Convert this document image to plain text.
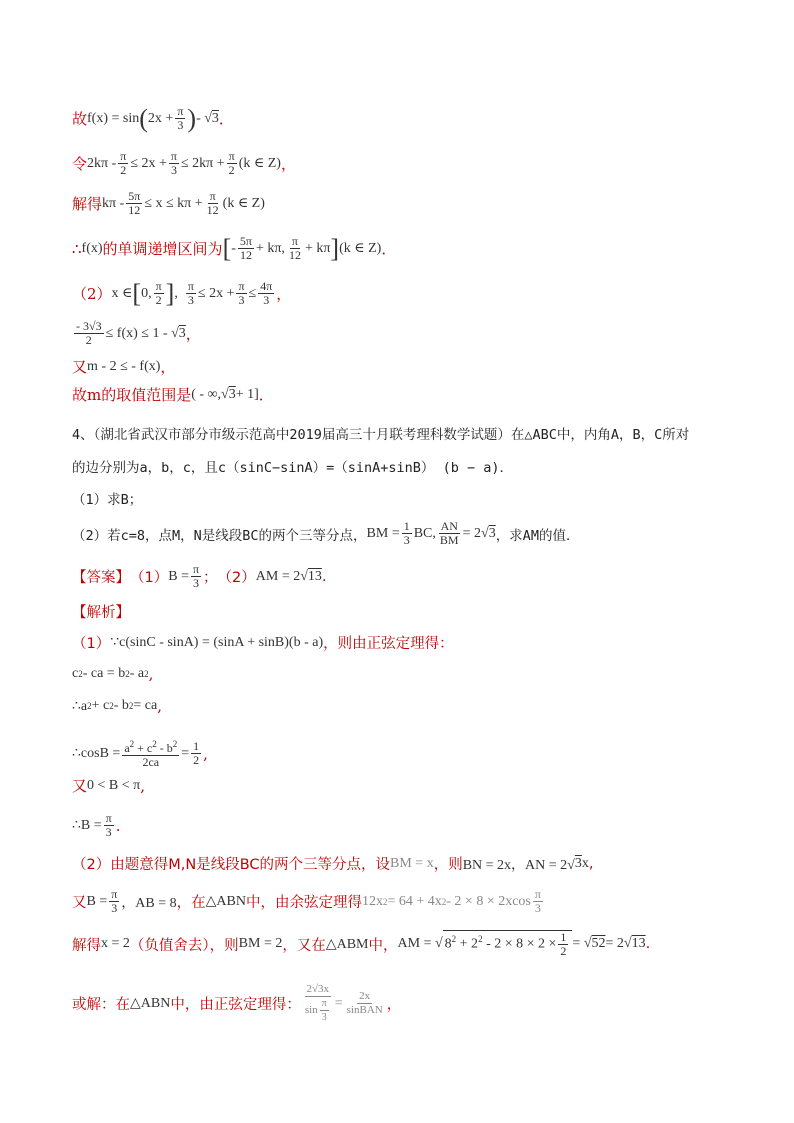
故 f(x) = sin ( $2x + \frac{\pi}{3}$ ) - √ 3 ．
令 $2k\pi - \frac{\pi}{2} \le 2x + \frac{\pi}{3} \le 2k\pi + \frac{\pi}{2} (k$ ∈ Z) ，
解得 $k\pi - \frac{5\pi}{12} \le x \le k\pi + \frac{\pi}{12} (k$ ∈ Z)
∴ f(x) 的单调递增区间为 [ - $\frac{5\pi}{12} + k\pi$, $\frac{\pi}{12} + k\pi$ ] (k ∈ Z) ．
（2） x ∈ [ 0, $\frac{\pi}{2}$ ] , $\frac{\pi}{3} \le 2x + \frac{\pi}{3} \le \frac{4\pi}{3}$ ，
$\frac{- 3√3}{2} \le f(x) \le 1$ - √ 3 ，
又 m - 2 ≤ - f(x) ，
故m的取值范围是 ( - ∞,√ 3 + 1] ．
4、（湖北省武汉市部分市级示范高中2019届高三十月联考理科数学试题）在△ABC中，内角A，B，C所对
的边分别为a，b，c，且c（sinC−sinA）=（sinA+sinB） (b − a)．
（1）求B；
（2）若c=8，点M，N是线段BC的两个三等分点， BM = $\frac{1}{3}$ BC, $\frac{AN}{BM} = 2√$ 3 ，求AM的值．
【答案】 （1） $B = \frac{\pi}{3}$ ；　（2） AM = 2√ 13 .
【解析】
（1） ∵c(sinC - sinA) = (sinA + sinB)(b - a) ，则由正弦定理得：
c 2 - ca = b 2 - a 2 ,
∴a 2 + c 2 - b 2 = ca ,
∴cosB = $\frac{a^2 + c^2 - b^2}{2ca} = \frac{1}{2}$ ,
又 0 < B < π ,
∴B = $\frac{\pi}{3}$ .
（2）由题意得M,N是线段BC的两个三等分点，设 BM = x ，则 BN = 2x，AN = 2√ 3 x ,
又 $B = \frac{\pi}{3}$ ，AB = 8 ，在 △ABN 中，由余弦定理得 12x 2 = 64 + 4x $2 - 2 \times 8 \times 2xcos \frac{\pi}{3}$
解得 x = 2 （负值舍去），则 BM = 2 ，又在 △ABM 中， AM = √ $8^2 + 2^2 - 2 \times 8 \times 2 \times \frac{1}{2}$ = √ 52 = 2√ 13 .
或解：在 △ABN 中，由正弦定理得： $\frac{2√3x}{\sin \frac{\pi}{3}} = \frac{2x}{\text{sinBAN}}$ ，
